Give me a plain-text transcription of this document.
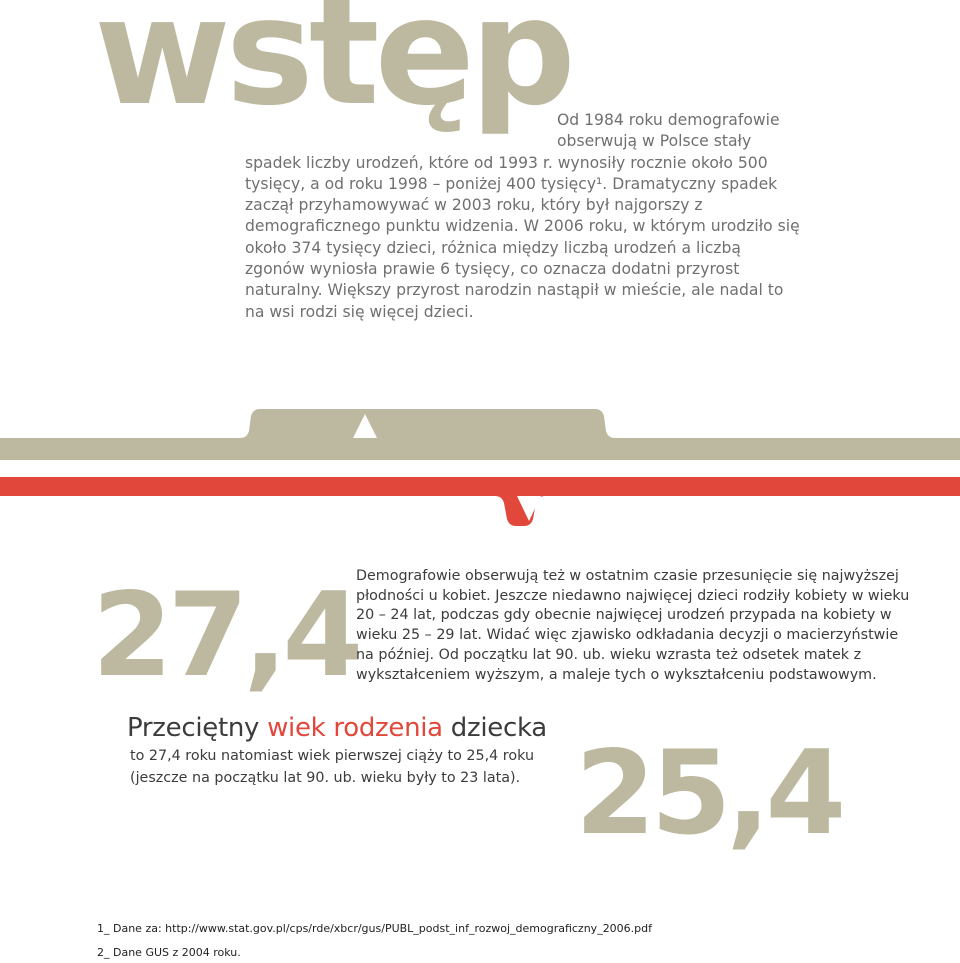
wstęp
Od 1984 roku demografowie
obserwują w Polsce stały
spadek liczby urodzeń, które od 1993 r. wynosiły rocznie około 500 tysięcy, a od roku 1998 – poniżej 400 tysięcy¹. Dramatyczny spadek zaczął przyhamowywać w 2003 roku, który był najgorszy z demograficznego punktu widzenia. W 2006 roku, w którym urodziło się około 374 tysięcy dzieci, różnica między liczbą urodzeń a liczbą zgonów wyniosła prawie 6 tysięcy, co oznacza dodatni przyrost naturalny. Większy przyrost narodzin nastąpił w mieście, ale nadal to na wsi rodzi się więcej dzieci.
27,4
Demografowie obserwują też w ostatnim czasie przesunięcie się najwyższej płodności u kobiet. Jeszcze niedawno najwięcej dzieci rodziły kobiety w wieku 20 – 24 lat, podczas gdy obecnie najwięcej urodzeń przypada na kobiety w wieku 25 – 29 lat. Widać więc zjawisko odkładania decyzji o macierzyństwie na później. Od początku lat 90. ub. wieku wzrasta też odsetek matek z wykształceniem wyższym, a maleje tych o wykształceniu podstawowym.
Przeciętny wiek rodzenia dziecka
to 27,4 roku natomiast wiek pierwszej ciąży to 25,4 roku (jeszcze na początku lat 90. ub. wieku były to 23 lata). 25,4
1_ Dane za: http://www.stat.gov.pl/cps/rde/xbcr/gus/PUBL_podst_inf_rozwoj_demograficzny_2006.pdf
2_ Dane GUS z 2004 roku.
